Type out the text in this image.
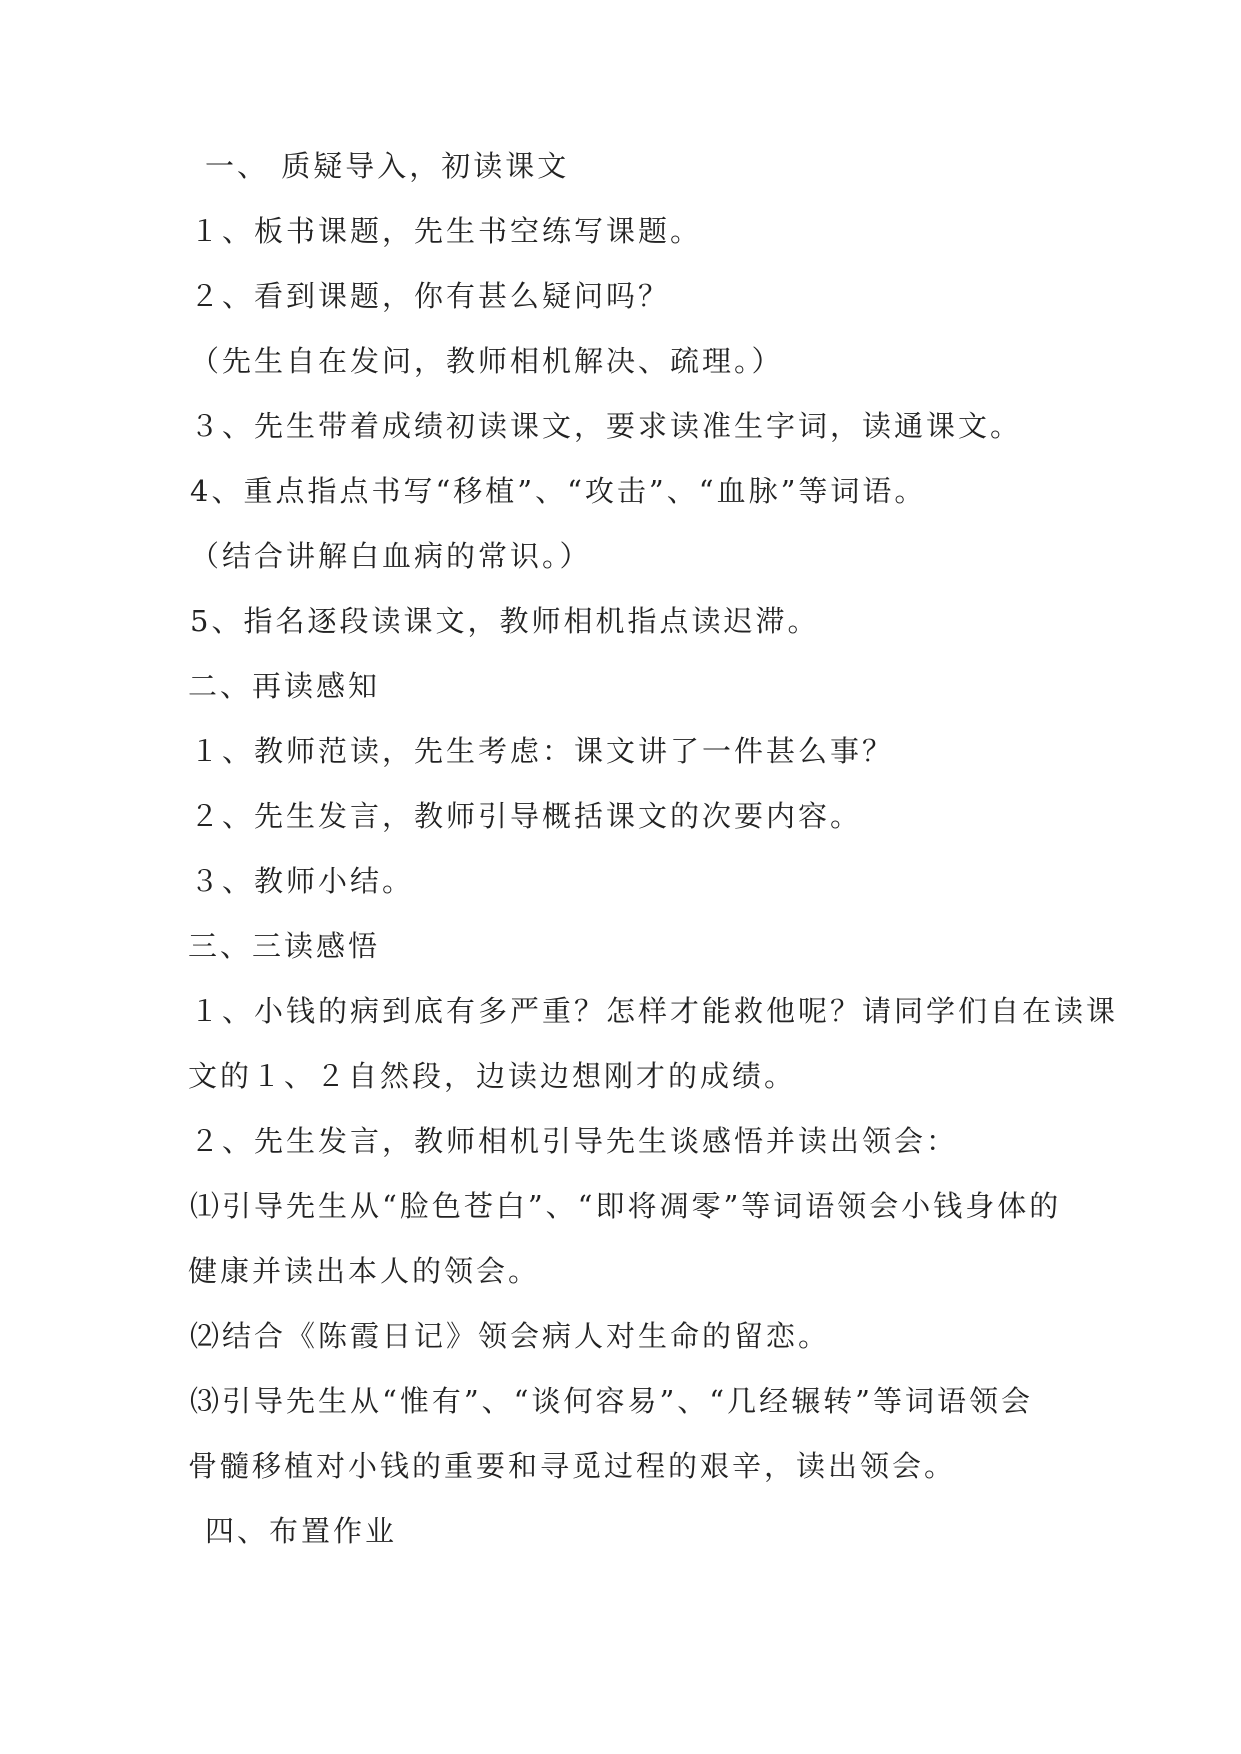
一、 质疑导入，初读课文
１、板书课题，先生书空练写课题。
２、看到课题，你有甚么疑问吗？
（先生自在发问，教师相机解决、疏理。）
３、先生带着成绩初读课文，要求读准生字词，读通课文。
4、重点指点书写“移植”、“攻击”、“血脉”等词语。
（结合讲解白血病的常识。）
5、指名逐段读课文，教师相机指点读迟滞。
二、再读感知
１、教师范读，先生考虑：课文讲了一件甚么事？
２、先生发言，教师引导概括课文的次要内容。
３、教师小结。
三、三读感悟
１、小钱的病到底有多严重？怎样才能救他呢？请同学们自在读课
文的１、２自然段，边读边想刚才的成绩。
２、先生发言，教师相机引导先生谈感悟并读出领会：
⑴引导先生从“脸色苍白”、“即将凋零”等词语领会小钱身体的
健康并读出本人的领会。
⑵结合《陈霞日记》领会病人对生命的留恋。
⑶引导先生从“惟有”、“谈何容易”、“几经辗转”等词语领会
骨髓移植对小钱的重要和寻觅过程的艰辛，读出领会。
四、布置作业
